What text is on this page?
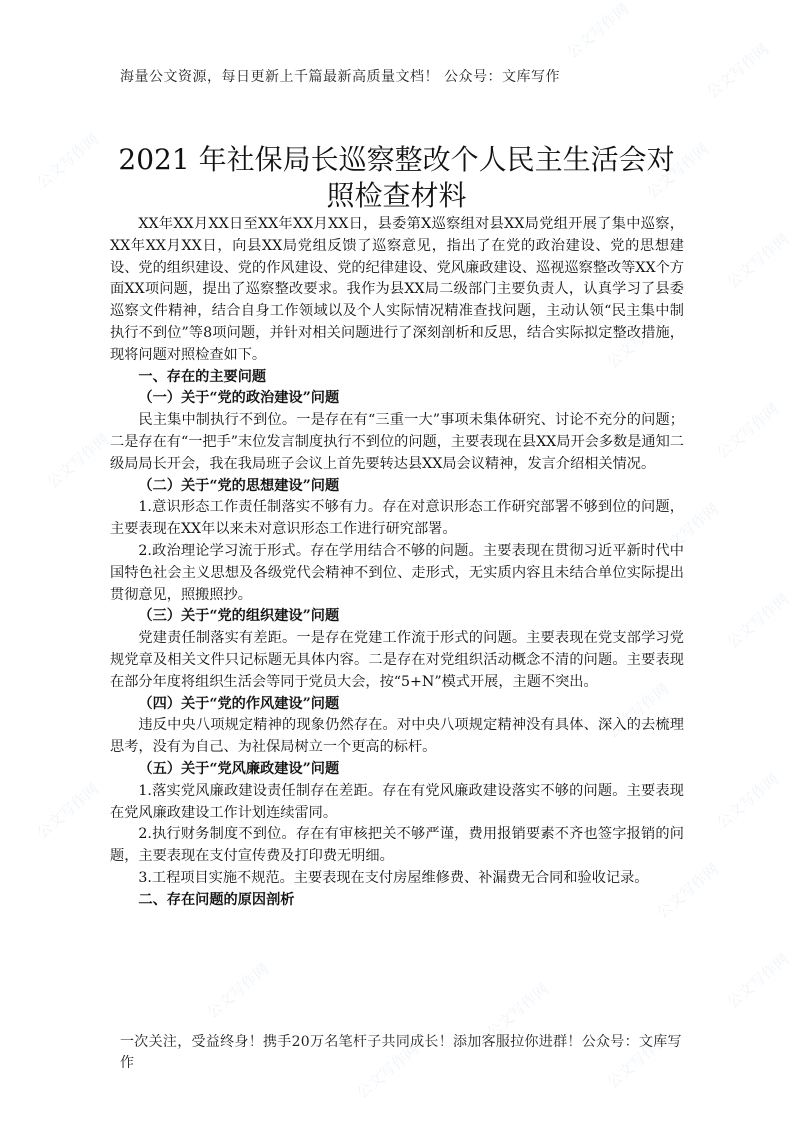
公文写作网
公文写作网
公文写作网
公文写作网
公文写作网
公文写作网
公文写作网
公文写作网
公文写作网
公文写作网
公文写作网
公文写作网
公文写作网
公文写作网
公文写作网
公文写作网
公文写作网
公文写作网
公文写作网
海量公文资源，每日更新上千篇最新高质量文档！ 公众号：文库写作
2021 年社保局长巡察整改个人民主生活会对
照检查材料

XX年XX月XX日至XX年XX月XX日，县委第X巡察组对县XX局党组开展了集中巡察，XX年XX月XX日，向县XX局党组反馈了巡察意见，指出了在党的政治建设、党的思想建设、党的组织建设、党的作风建设、党的纪律建设、党风廉政建设、巡视巡察整改等XX个方面XX项问题，提出了巡察整改要求。我作为县XX局二级部门主要负责人，认真学习了县委巡察文件精神，结合自身工作领域以及个人实际情况精准查找问题，主动认领“民主集中制执行不到位”等8项问题，并针对相关问题进行了深刻剖析和反思，结合实际拟定整改措施，现将问题对照检查如下。

一、存在的主要问题

（一）关于“党的政治建设”问题

民主集中制执行不到位。一是存在有“三重一大”事项未集体研究、讨论不充分的问题；二是存在有“一把手”末位发言制度执行不到位的问题，主要表现在县XX局开会多数是通知二级局局长开会，我在我局班子会议上首先要转达县XX局会议精神，发言介绍相关情况。

（二）关于“党的思想建设”问题

1.意识形态工作责任制落实不够有力。存在对意识形态工作研究部署不够到位的问题，主要表现在XX年以来未对意识形态工作进行研究部署。

2.政治理论学习流于形式。存在学用结合不够的问题。主要表现在贯彻习近平新时代中国特色社会主义思想及各级党代会精神不到位、走形式，无实质内容且未结合单位实际提出贯彻意见，照搬照抄。

（三）关于“党的组织建设”问题

党建责任制落实有差距。一是存在党建工作流于形式的问题。主要表现在党支部学习党规党章及相关文件只记标题无具体内容。二是存在对党组织活动概念不清的问题。主要表现在部分年度将组织生活会等同于党员大会，按“5+N”模式开展，主题不突出。

（四）关于“党的作风建设”问题

违反中央八项规定精神的现象仍然存在。对中央八项规定精神没有具体、深入的去梳理思考，没有为自己、为社保局树立一个更高的标杆。

（五）关于“党风廉政建设”问题

1.落实党风廉政建设责任制存在差距。存在有党风廉政建设落实不够的问题。主要表现在党风廉政建设工作计划连续雷同。

2.执行财务制度不到位。存在有审核把关不够严谨，费用报销要素不齐也签字报销的问题，主要表现在支付宣传费及打印费无明细。

3.工程项目实施不规范。主要表现在支付房屋维修费、补漏费无合同和验收记录。

二、存在问题的原因剖析

一次关注，受益终身！携手20万名笔杆子共同成长！添加客服拉你进群！公众号：文库写作
